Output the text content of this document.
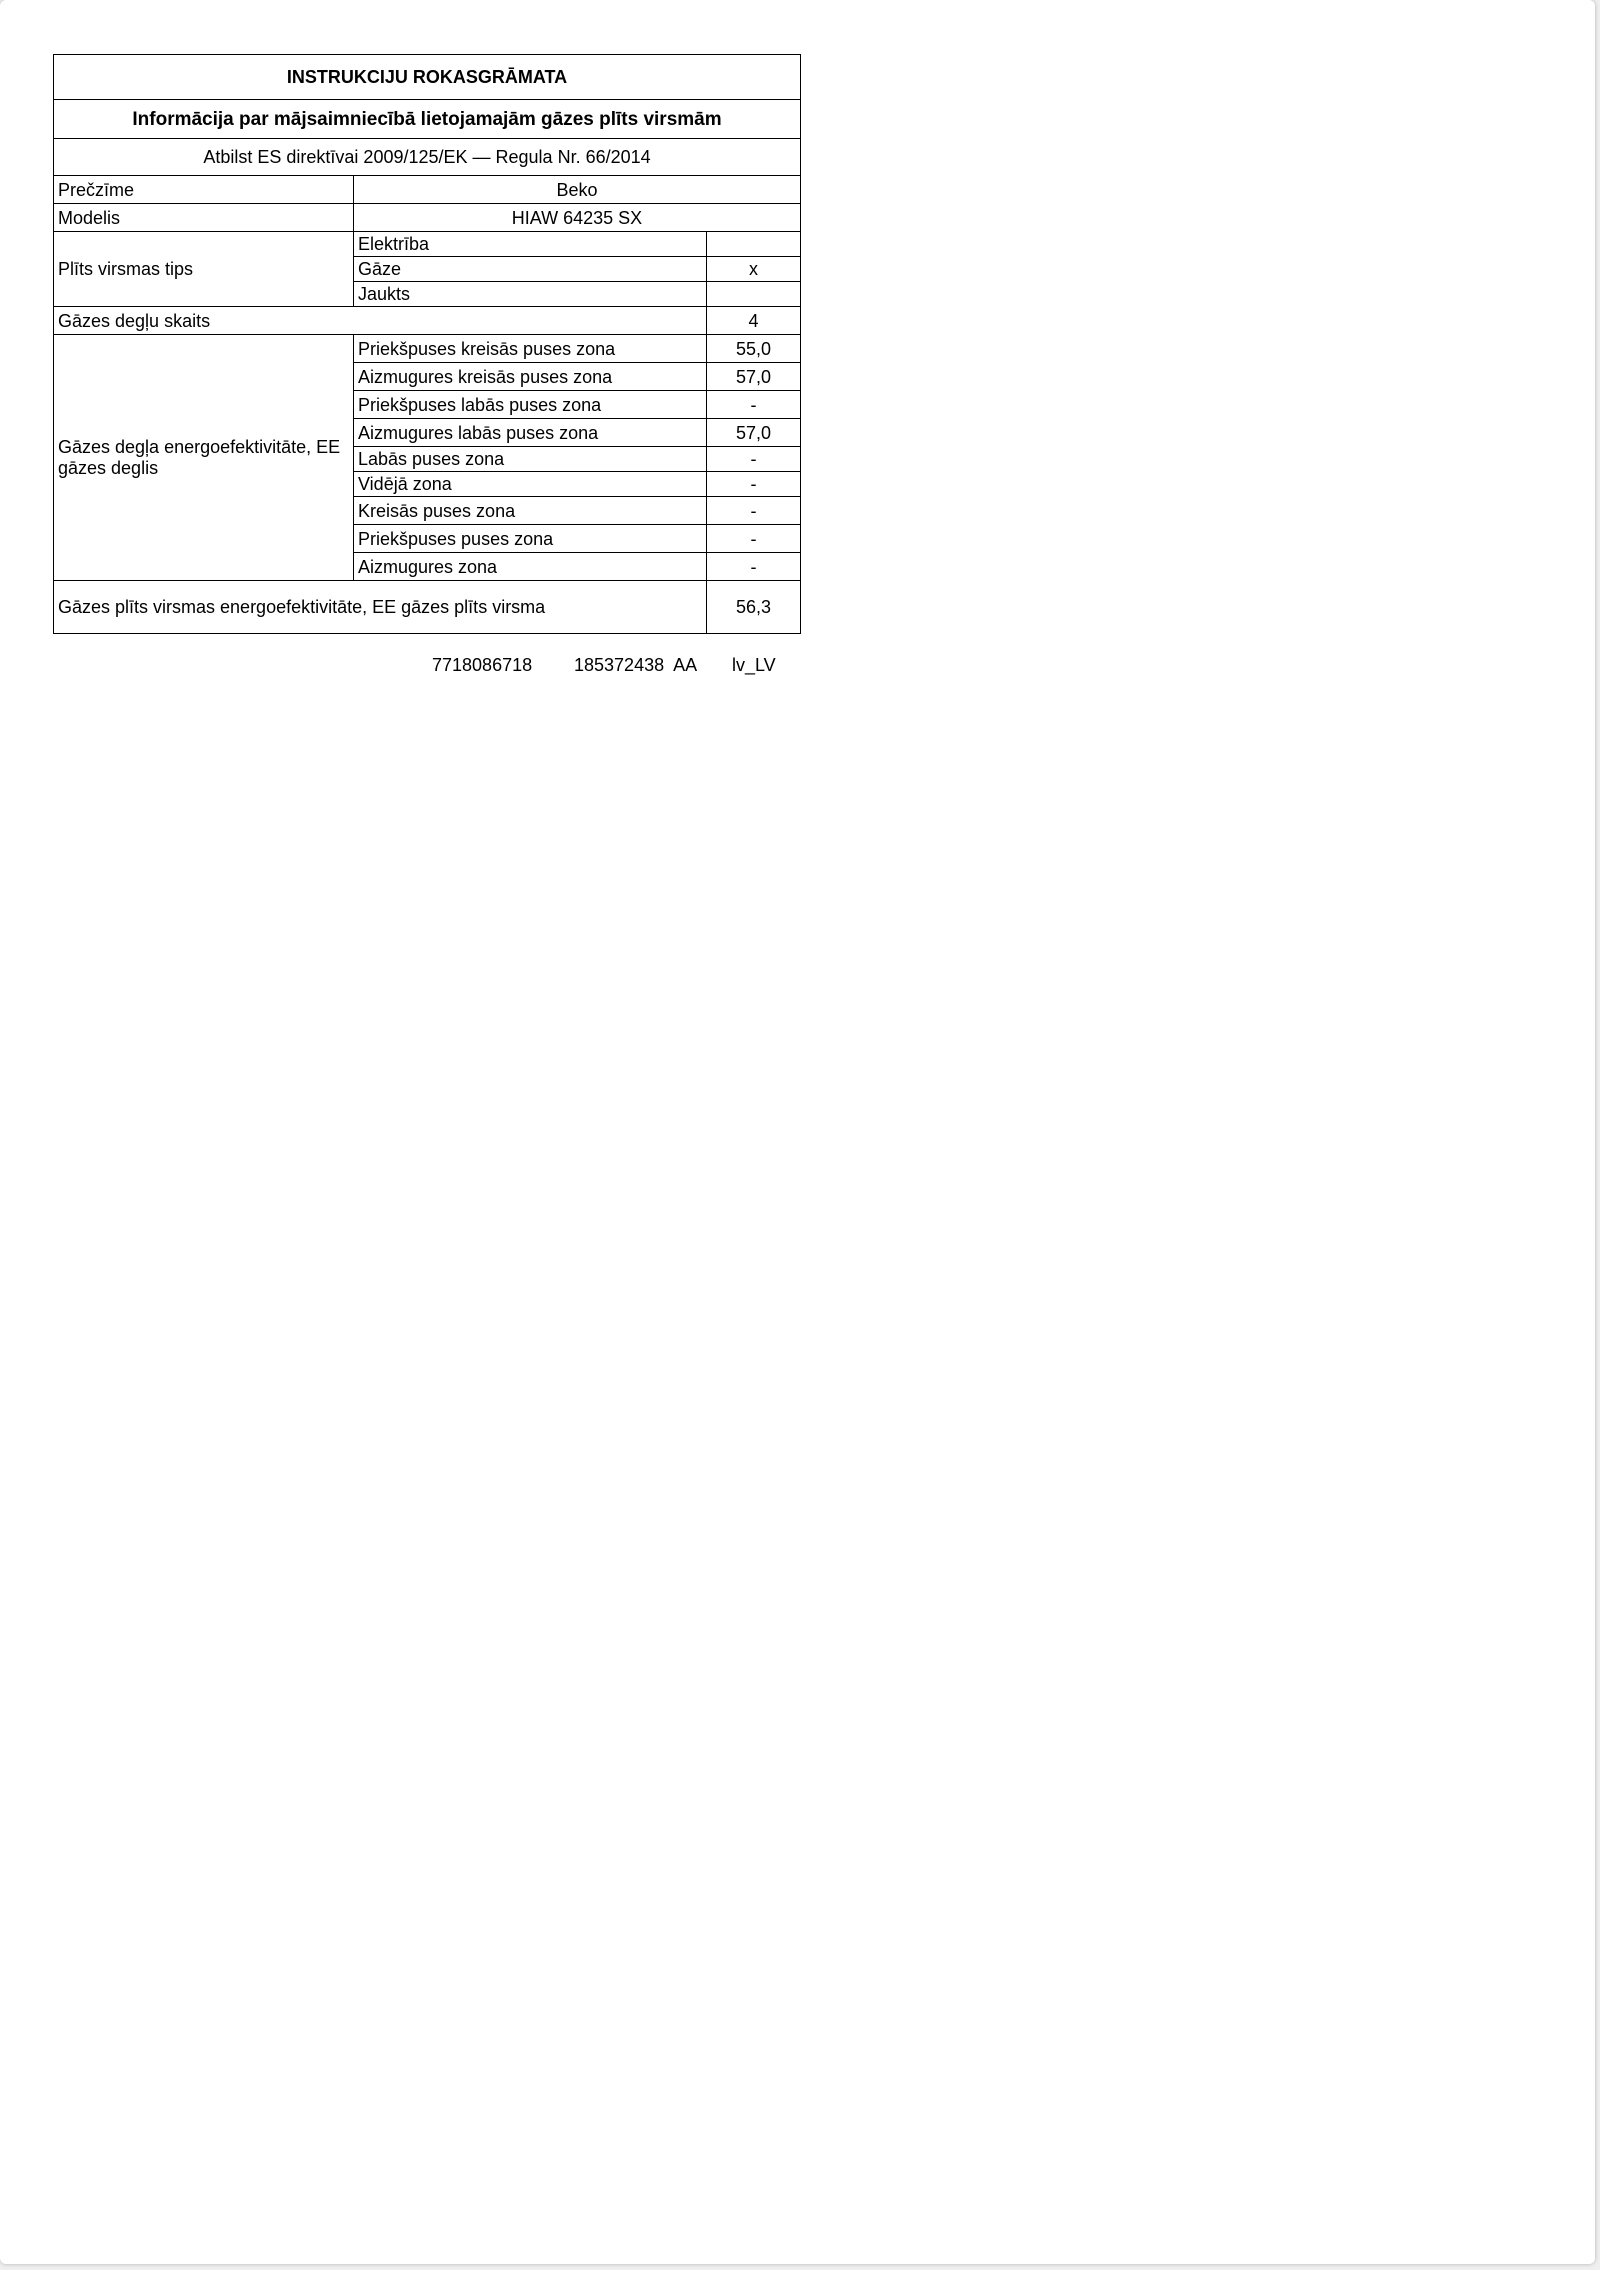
INSTRUKCIJU ROKASGRĀMATA		
Informācija par mājsaimniecībā lietojamajām gāzes plīts virsmām		
Atbilst ES direktīvai 2009/125/EK — Regula Nr. 66/2014		
Prečzīme	Beko	
Modelis	HIAW 64235 SX	
Plīts virsmas tips	Elektrība	
	Gāze	x
	Jaukts	
Gāzes degļu skaits		4
Gāzes degļa energoefektivitāte, EE gāzes deglis	Priekšpuses kreisās puses zona	55,0
	Aizmugures kreisās puses zona	57,0
	Priekšpuses labās puses zona	-
	Aizmugures labās puses zona	57,0
	Labās puses zona	-
	Vidējā zona	-
	Kreisās puses zona	-
	Priekšpuses puses zona	-
	Aizmugures zona	-
Gāzes plīts virsmas energoefektivitāte, EE gāzes plīts virsma		56,3
7718086718 185372438  AA lv_LV
